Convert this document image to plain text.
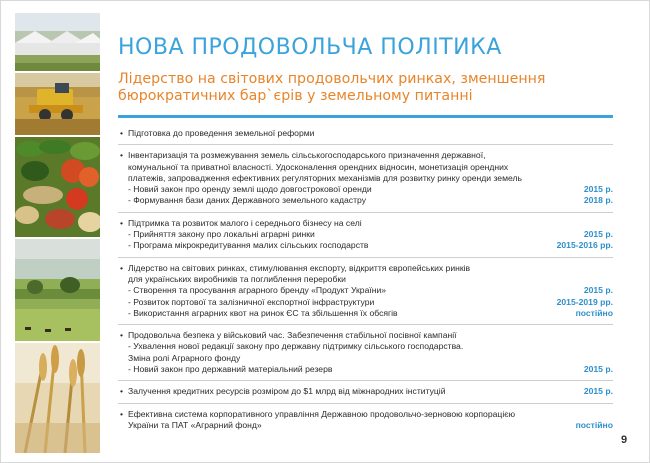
НОВА ПРОДОВОЛЬЧА ПОЛІТИКА
Лідерство на світових продовольчих ринках, зменшення бюрократичних бар`єрів у земельному питанні
• Підготовка до проведення земельної реформи
• Інвентаризація та розмежування земель сільськогосподарського призначення державної,
комунальної та приватної власності. Удосконалення орендних відносин, монетизація орендних
платежів, запровадження ефективних регуляторних механізмів для розвитку ринку оренди земель
- Новий закон про оренду землі щодо довгострокової оренди	2015 р.
- Формування бази даних Державного земельного кадастру	2018 р.
• Підтримка та розвиток малого і середнього бізнесу на селі
- Прийняття закону про локальні аграрні ринки	2015 р.
- Програма мікрокредитування малих сільських господарств	2015-2016 рр.
• Лідерство на світових ринках, стимулювання експорту, відкриття європейських ринків
для українських виробників та поглиблення переробки
- Створення та просування аграрного бренду «Продукт України»	2015 р.
- Розвиток портової та залізничної експортної інфраструктури	2015-2019 рр.
- Використання аграрних квот на ринок ЄС та збільшення їх обсягів	постійно
• Продовольча безпека у військовий час. Забезпечення стабільної посівної кампанії
- Ухвалення нової редакції закону про державну підтримку сільського господарства.
Зміна ролі Аграрного фонду
- Новий закон про державний матеріальний резерв	2015 р.
• Залучення кредитних ресурсів розміром до $1 млрд від міжнародних інституцій	2015 р.
• Ефективна система корпоративного управління Державною продовольчо-зерновою корпорацією
України та ПАТ «Аграрний фонд»	постійно
9
